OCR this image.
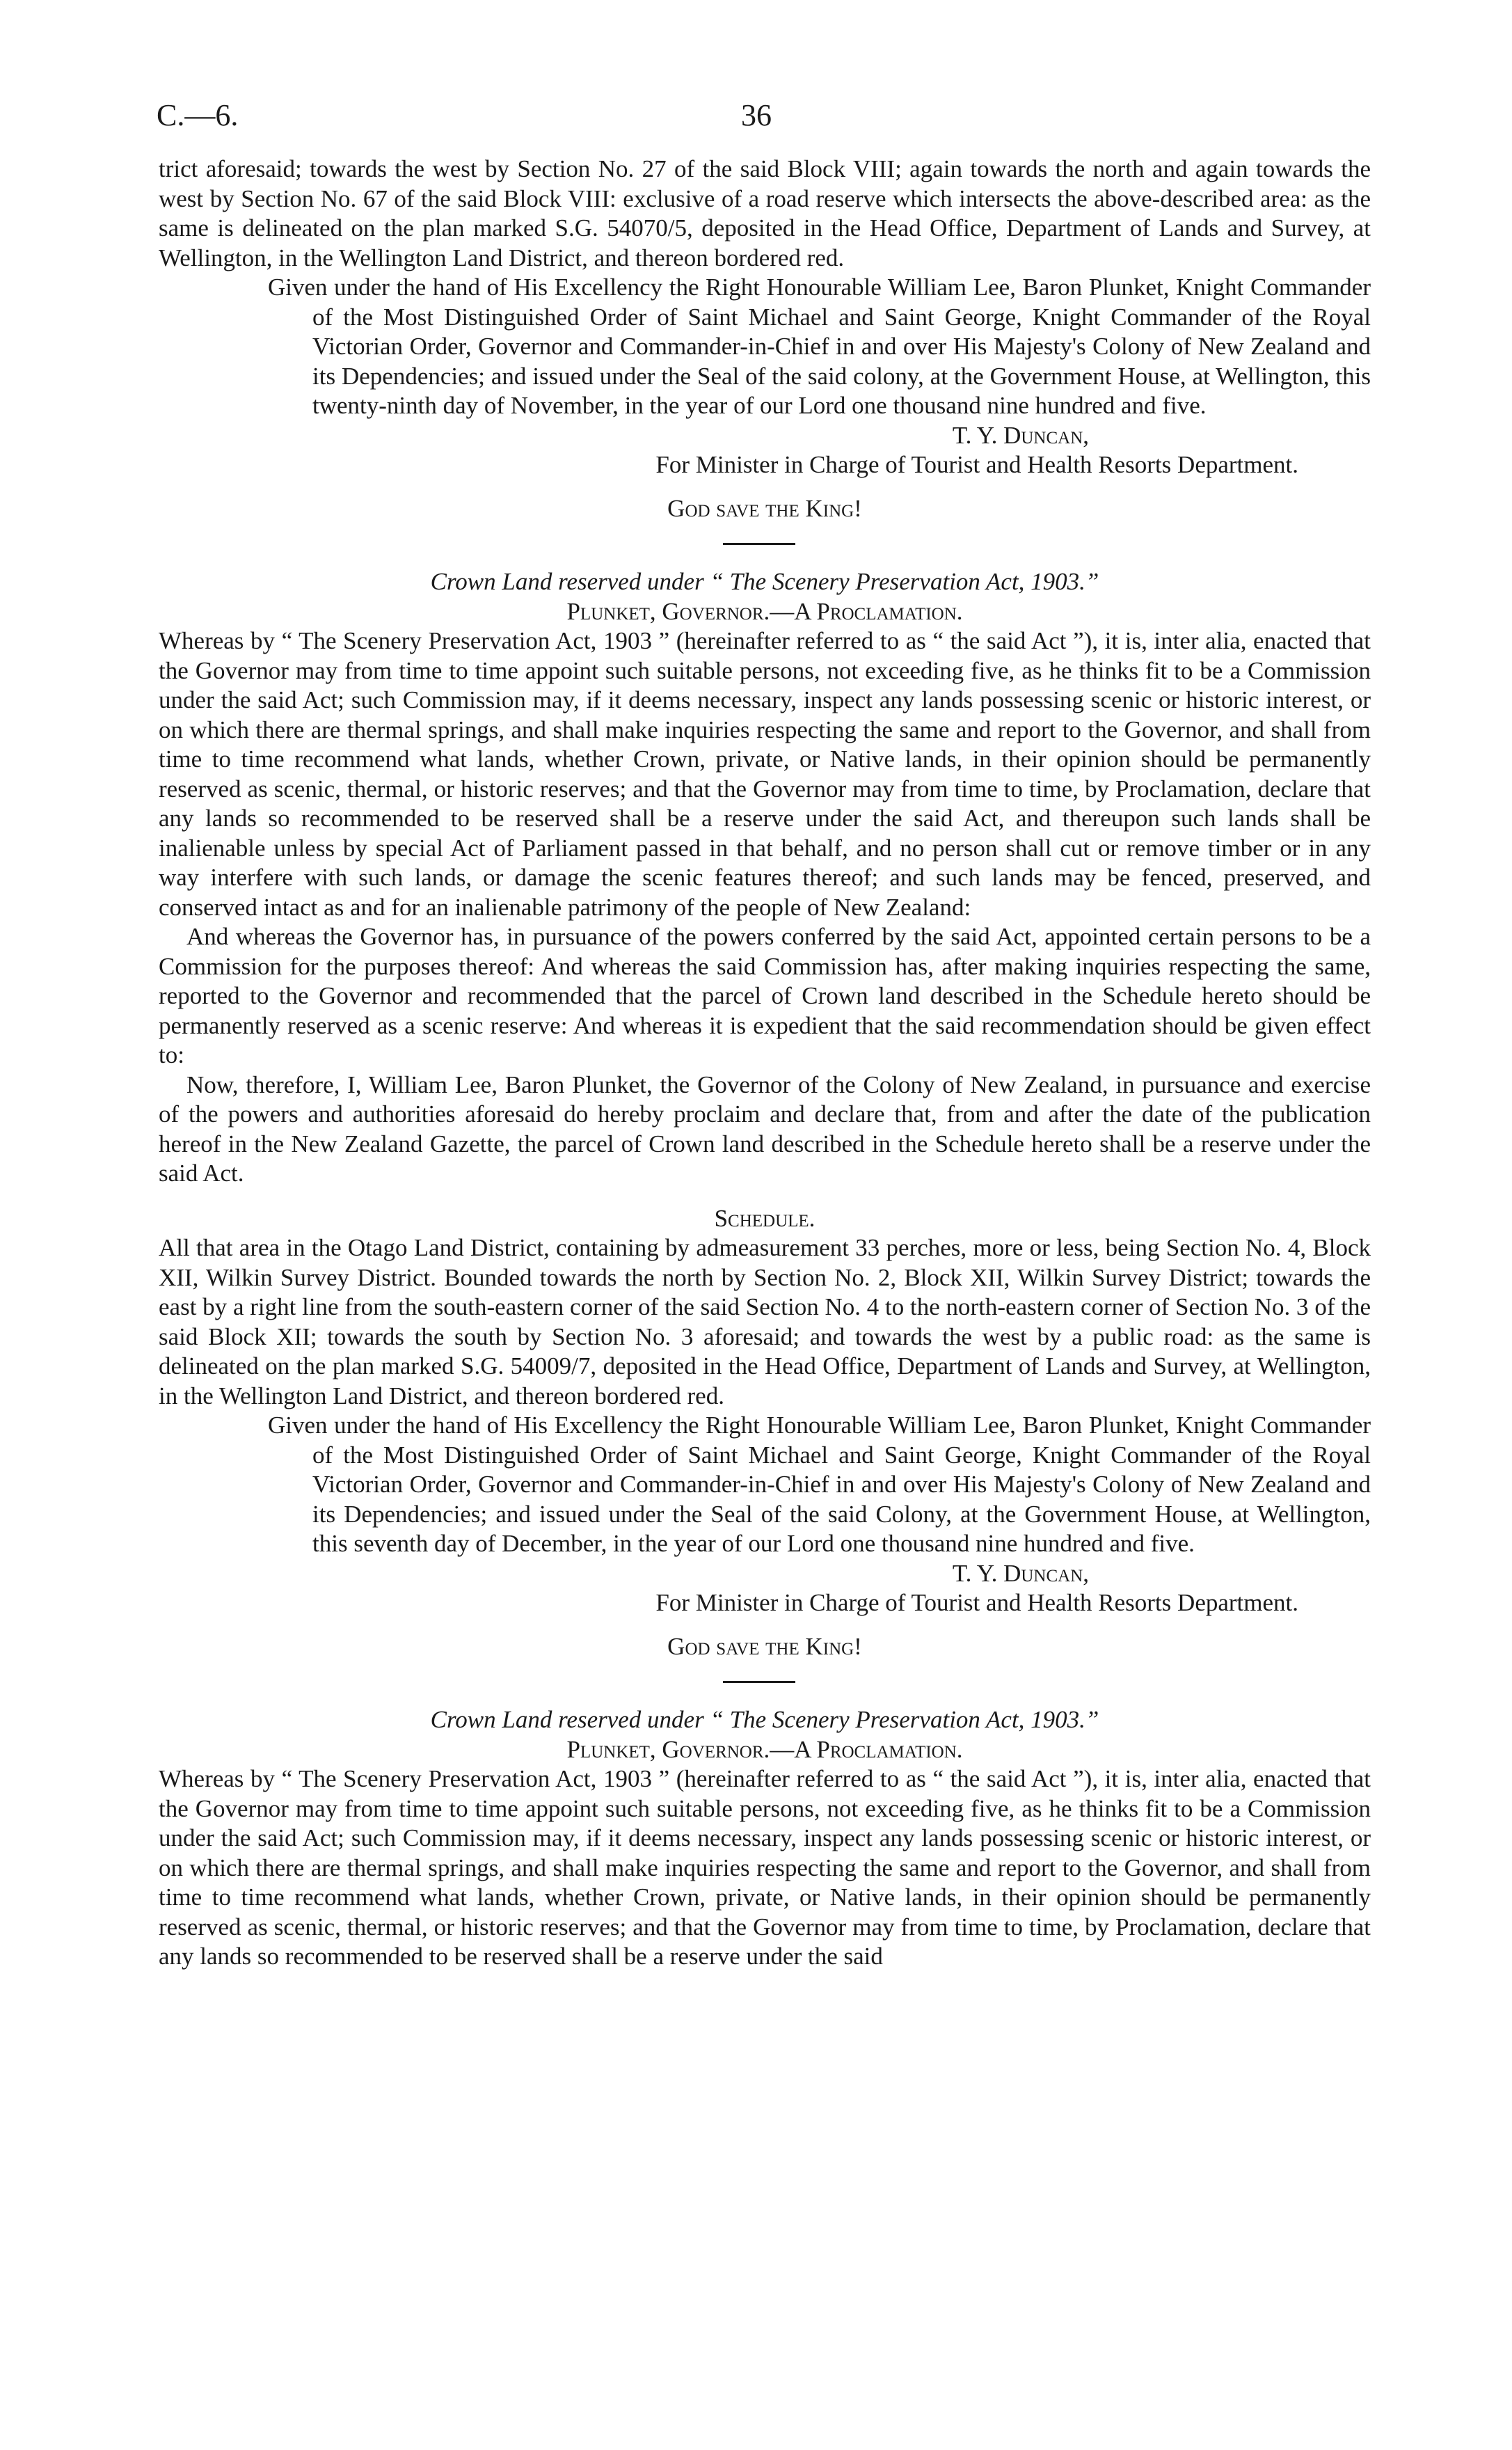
C.—6.	36

trict aforesaid; towards the west by Section No. 27 of the said Block VIII; again towards the north and again towards the west by Section No. 67 of the said Block VIII: exclusive of a road reserve which intersects the above-described area: as the same is delineated on the plan marked S.G. 54070/5, deposited in the Head Office, Department of Lands and Survey, at Wellington, in the Wellington Land District, and thereon bordered red.

Given under the hand of His Excellency the Right Honourable William Lee, Baron Plunket, Knight Commander of the Most Distinguished Order of Saint Michael and Saint George, Knight Commander of the Royal Victorian Order, Governor and Commander-in-Chief in and over His Majesty's Colony of New Zealand and its Dependencies; and issued under the Seal of the said colony, at the Government House, at Wellington, this twenty-ninth day of November, in the year of our Lord one thousand nine hundred and five.

T. Y. Duncan,

For Minister in Charge of Tourist and Health Resorts Department.

God save the King!

Crown Land reserved under “ The Scenery Preservation Act, 1903.”

Plunket, Governor.—A Proclamation.

Whereas by “ The Scenery Preservation Act, 1903 ” (hereinafter referred to as “ the said Act ”), it is, inter alia, enacted that the Governor may from time to time appoint such suitable persons, not exceeding five, as he thinks fit to be a Commission under the said Act; such Commission may, if it deems necessary, inspect any lands possessing scenic or historic interest, or on which there are thermal springs, and shall make inquiries respecting the same and report to the Governor, and shall from time to time recommend what lands, whether Crown, private, or Native lands, in their opinion should be permanently reserved as scenic, thermal, or historic reserves; and that the Governor may from time to time, by Proclamation, declare that any lands so recommended to be reserved shall be a reserve under the said Act, and thereupon such lands shall be inalienable unless by special Act of Parliament passed in that behalf, and no person shall cut or remove timber or in any way interfere with such lands, or damage the scenic features thereof; and such lands may be fenced, preserved, and conserved intact as and for an inalienable patrimony of the people of New Zealand:

And whereas the Governor has, in pursuance of the powers conferred by the said Act, appointed certain persons to be a Commission for the purposes thereof: And whereas the said Commission has, after making inquiries respecting the same, reported to the Governor and recommended that the parcel of Crown land described in the Schedule hereto should be permanently reserved as a scenic reserve: And whereas it is expedient that the said recommendation should be given effect to:

Now, therefore, I, William Lee, Baron Plunket, the Governor of the Colony of New Zealand, in pursuance and exercise of the powers and authorities aforesaid do hereby proclaim and declare that, from and after the date of the publication hereof in the New Zealand Gazette, the parcel of Crown land described in the Schedule hereto shall be a reserve under the said Act.

Schedule.

All that area in the Otago Land District, containing by admeasurement 33 perches, more or less, being Section No. 4, Block XII, Wilkin Survey District. Bounded towards the north by Section No. 2, Block XII, Wilkin Survey District; towards the east by a right line from the south-eastern corner of the said Section No. 4 to the north-eastern corner of Section No. 3 of the said Block XII; towards the south by Section No. 3 aforesaid; and towards the west by a public road: as the same is delineated on the plan marked S.G. 54009/7, deposited in the Head Office, Department of Lands and Survey, at Wellington, in the Wellington Land District, and thereon bordered red.

Given under the hand of His Excellency the Right Honourable William Lee, Baron Plunket, Knight Commander of the Most Distinguished Order of Saint Michael and Saint George, Knight Commander of the Royal Victorian Order, Governor and Commander-in-Chief in and over His Majesty's Colony of New Zealand and its Dependencies; and issued under the Seal of the said Colony, at the Government House, at Wellington, this seventh day of December, in the year of our Lord one thousand nine hundred and five.

T. Y. Duncan,

For Minister in Charge of Tourist and Health Resorts Department.

God save the King!

Crown Land reserved under “ The Scenery Preservation Act, 1903.”

Plunket, Governor.—A Proclamation.

Whereas by “ The Scenery Preservation Act, 1903 ” (hereinafter referred to as “ the said Act ”), it is, inter alia, enacted that the Governor may from time to time appoint such suitable persons, not exceeding five, as he thinks fit to be a Commission under the said Act; such Commission may, if it deems necessary, inspect any lands possessing scenic or historic interest, or on which there are thermal springs, and shall make inquiries respecting the same and report to the Governor, and shall from time to time recommend what lands, whether Crown, private, or Native lands, in their opinion should be permanently reserved as scenic, thermal, or historic reserves; and that the Governor may from time to time, by Proclamation, declare that any lands so recommended to be reserved shall be a reserve under the said
